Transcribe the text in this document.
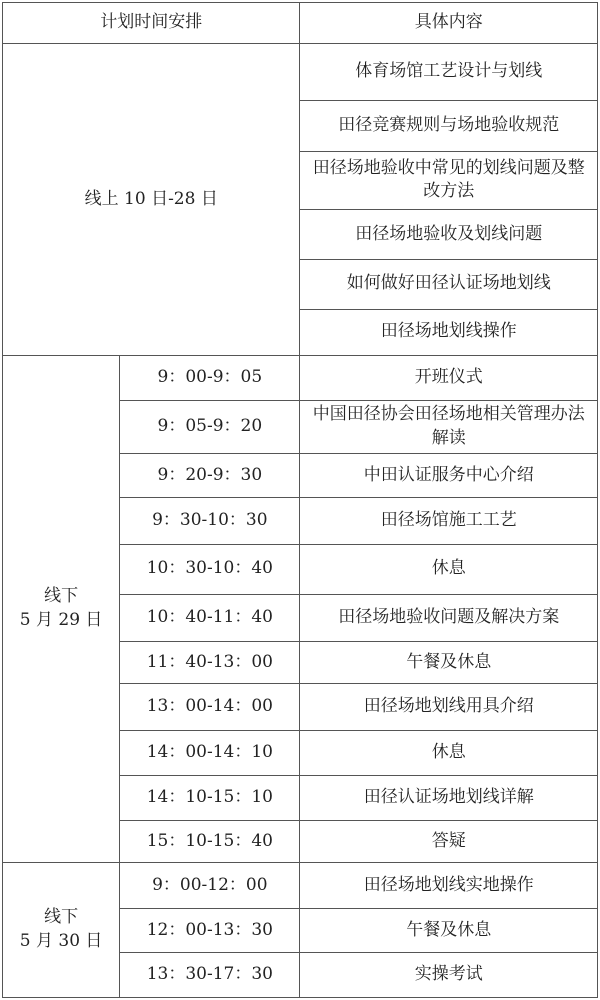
计划时间安排		具体内容
线上 10 日-28 日		体育场馆工艺设计与划线
		田径竞赛规则与场地验收规范
		田径场地验收中常见的划线问题及整改方法
		田径场地验收及划线问题
		如何做好田径认证场地划线
		田径场地划线操作

线下
5 月 29 日	9：00-9：05	开班仪式
	9：05-9：20	中国田径协会田径场地相关管理办法解读
	9：20-9：30	中田认证服务中心介绍
	9：30-10：30	田径场馆施工工艺
	10：30-10：40	休息
	10：40-11：40	田径场地验收问题及解决方案
	11：40-13：00	午餐及休息
	13：00-14：00	田径场地划线用具介绍
	14：00-14：10	休息
	14：10-15：10	田径认证场地划线详解
	15：10-15：40	答疑

线下
5 月 30 日	9：00-12：00	田径场地划线实地操作
	12：00-13：30	午餐及休息
	13：30-17：30	实操考试
